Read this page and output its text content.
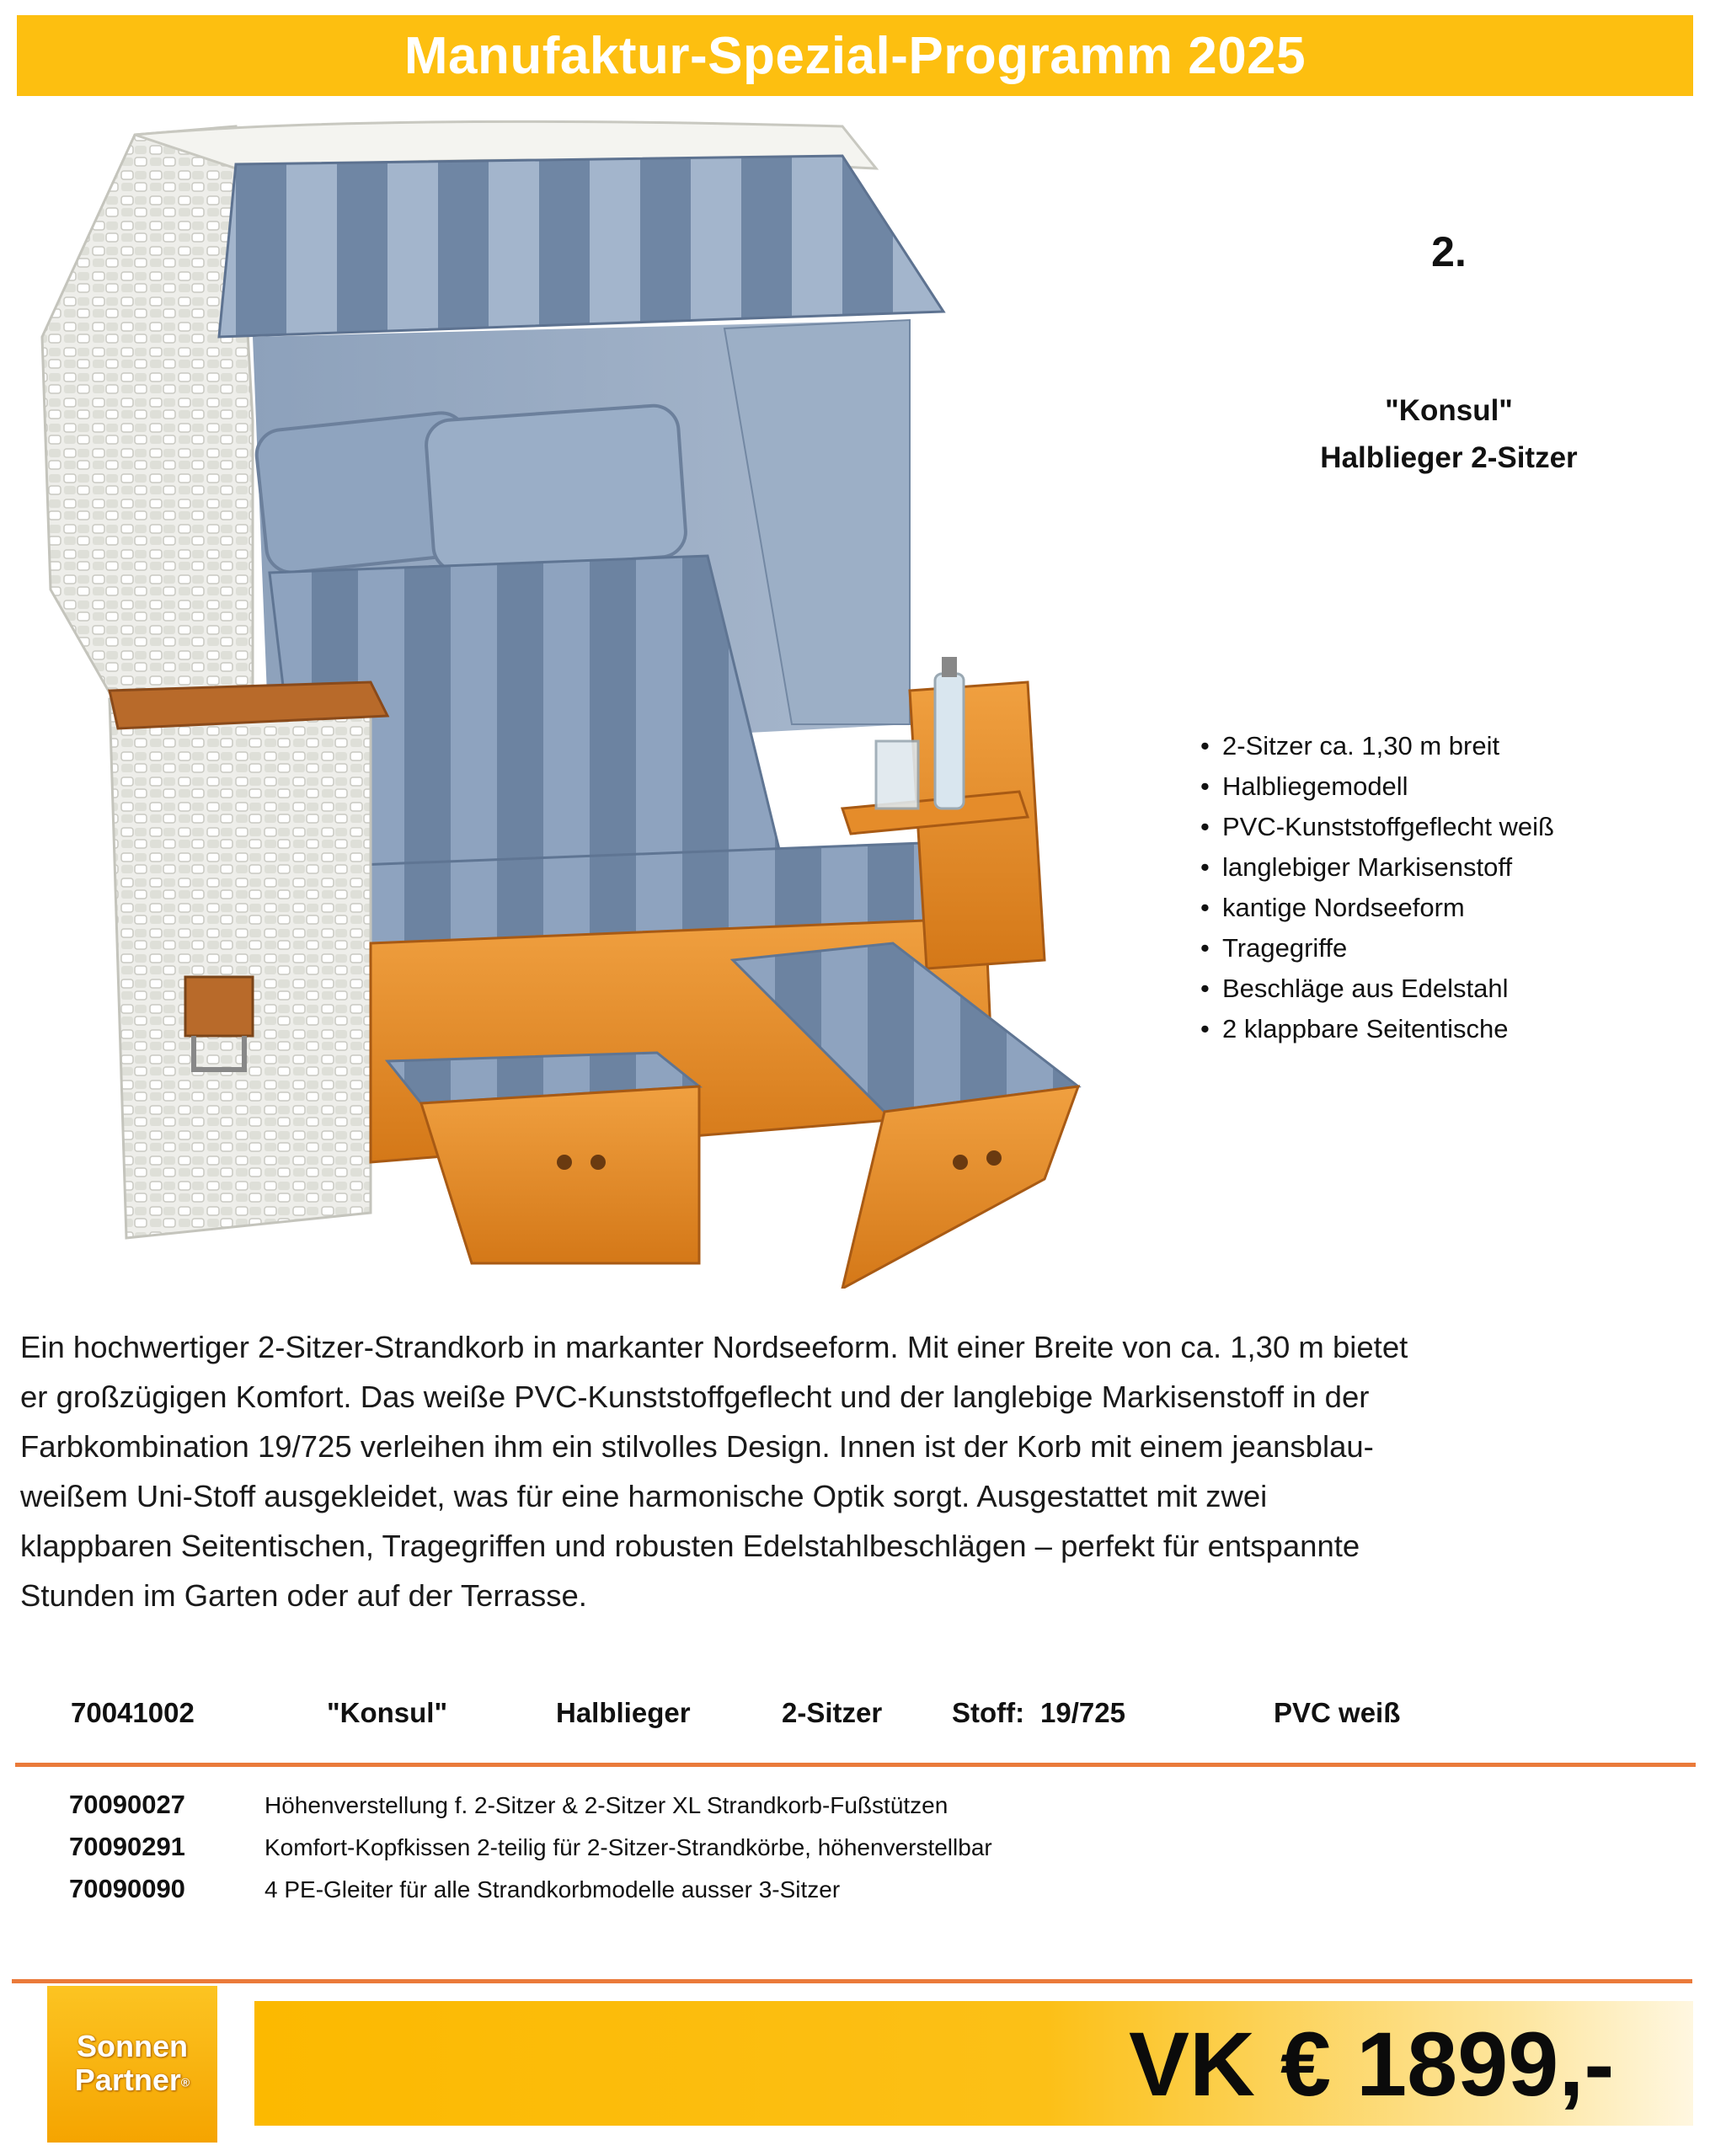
Manufaktur-Spezial-Programm 2025
2.
"Konsul"
Halblieger 2-Sitzer
• 2-Sitzer ca. 1,30 m breit
• Halbliegemodell
• PVC-Kunststoffgeflecht weiß
• langlebiger Markisenstoff
• kantige Nordseeform
• Tragegriffe
• Beschläge aus Edelstahl
• 2 klappbare Seitentische
Ein hochwertiger 2-Sitzer-Strandkorb in markanter Nordseeform. Mit einer Breite von ca. 1,30 m bietet
er großzügigen Komfort. Das weiße PVC-Kunststoffgeflecht und der langlebige Markisenstoff in der
Farbkombination 19/725 verleihen ihm ein stilvolles Design. Innen ist der Korb mit einem jeansblau-
weißem Uni-Stoff ausgekleidet, was für eine harmonische Optik sorgt. Ausgestattet mit zwei
klappbaren Seitentischen, Tragegriffen und robusten Edelstahlbeschlägen – perfekt für entspannte
Stunden im Garten oder auf der Terrasse.
70041002	"Konsul"	Halblieger	2-Sitzer	Stoff: 19/725	PVC weiß
70090027	Höhenverstellung f. 2-Sitzer & 2-Sitzer XL Strandkorb-Fußstützen
70090291	Komfort-Kopfkissen 2-teilig für 2-Sitzer-Strandkörbe, höhenverstellbar
70090090	4 PE-Gleiter für alle Strandkorbmodelle ausser 3-Sitzer
Sonnen
Partner®	VK € 1899,-
